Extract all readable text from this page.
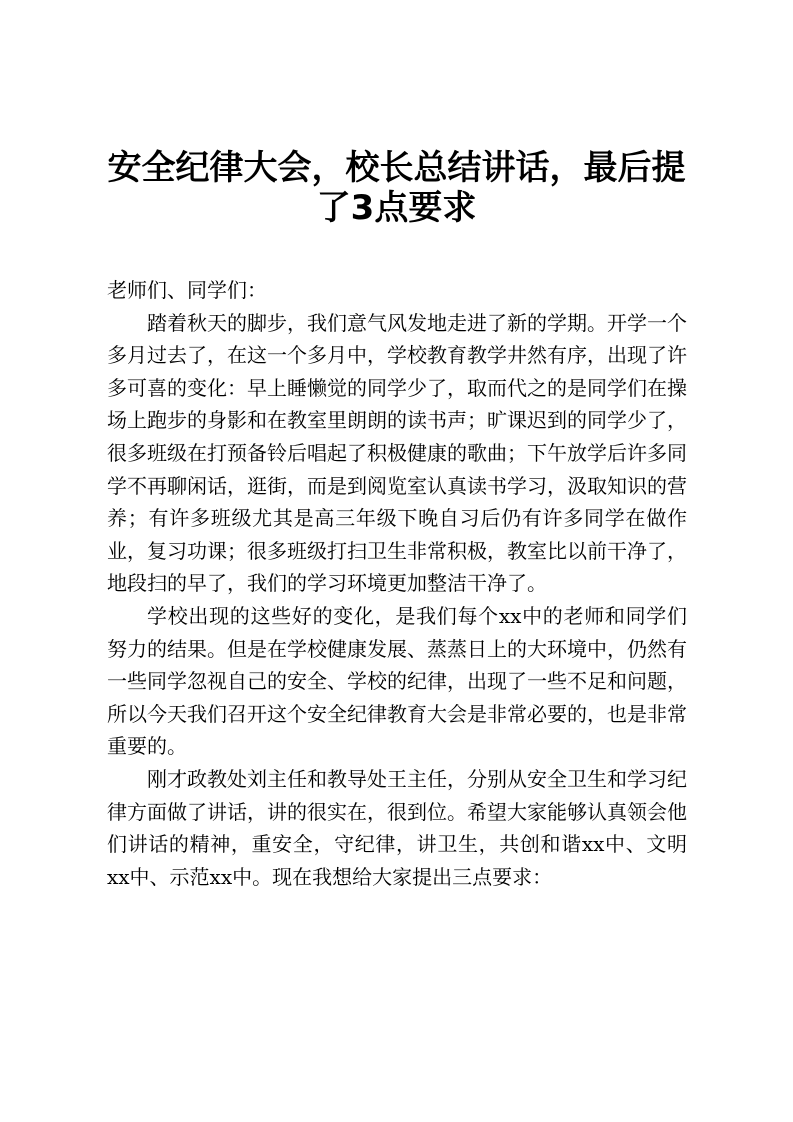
安全纪律大会，校长总结讲话，最后提了3点要求

老师们、同学们：

踏着秋天的脚步，我们意气风发地走进了新的学期。开学一个多月过去了，在这一个多月中，学校教育教学井然有序，出现了许多可喜的变化：早上睡懒觉的同学少了，取而代之的是同学们在操场上跑步的身影和在教室里朗朗的读书声；旷课迟到的同学少了，很多班级在打预备铃后唱起了积极健康的歌曲；下午放学后许多同学不再聊闲话，逛街，而是到阅览室认真读书学习，汲取知识的营养；有许多班级尤其是高三年级下晚自习后仍有许多同学在做作业，复习功课；很多班级打扫卫生非常积极，教室比以前干净了，地段扫的早了，我们的学习环境更加整洁干净了。

学校出现的这些好的变化，是我们每个xx中的老师和同学们努力的结果。但是在学校健康发展、蒸蒸日上的大环境中，仍然有一些同学忽视自己的安全、学校的纪律，出现了一些不足和问题，所以今天我们召开这个安全纪律教育大会是非常必要的，也是非常重要的。

刚才政教处刘主任和教导处王主任，分别从安全卫生和学习纪律方面做了讲话，讲的很实在，很到位。希望大家能够认真领会他们讲话的精神，重安全，守纪律，讲卫生，共创和谐xx中、文明xx中、示范xx中。现在我想给大家提出三点要求：
